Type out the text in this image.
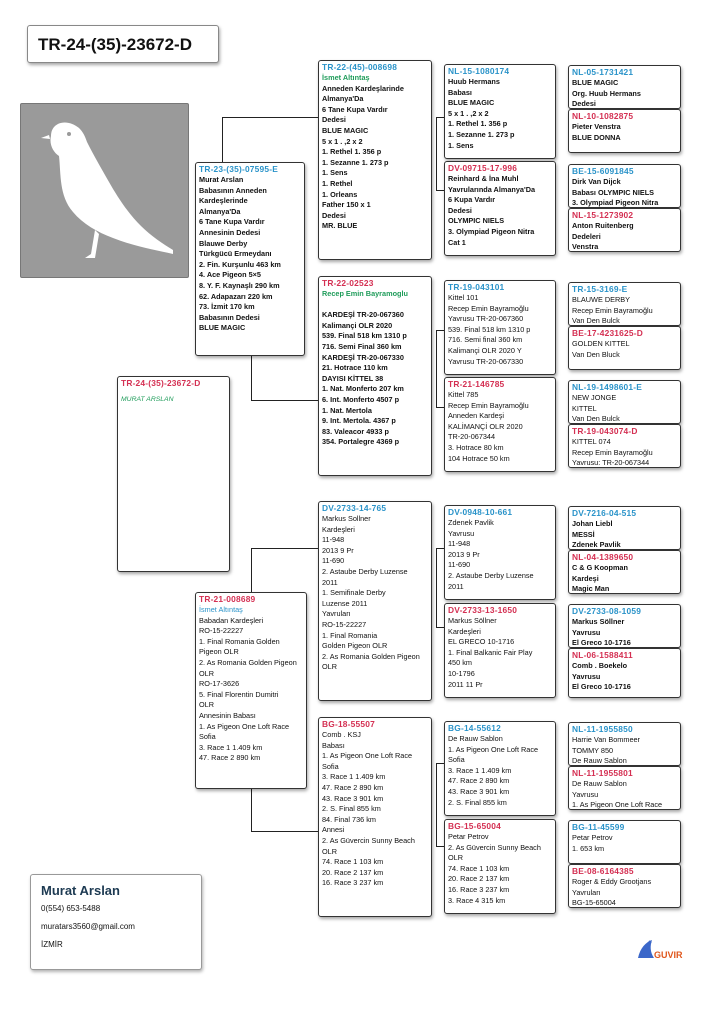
TR-24-(35)-23672-D
TR-24-(35)-23672-D
MURAT ARSLAN
TR-23-(35)-07595-E
Murat Arslan
Babasının Anneden
Kardeşlerinde
Almanya'Da
6 Tane Kupa Vardır
Annesinin Dedesi
Blauwe Derby
Türkgücü Ermeydanı
2. Fin. Kurşunlu 463 km
4. Ace Pigeon 5×5
8. Y. F. Kaynaşlı 290 km
62. Adapazarı 220 km
73. İzmit 170 km
Babasının Dedesi
BLUE MAGIC
TR-21-008689
İsmet Altıntaş
Babadan Kardeşleri
RO-15-22227
1. Final Romania Golden
Pigeon OLR
2. As Romania Golden Pigeon
OLR
RO-17-3626
5. Final Florentin Dumitri
OLR
Annesinin Babası
1. As Pigeon One Loft Race
Sofia
3. Race 1 1.409 km
47. Race 2 890 km
TR-22-(45)-008698
İsmet Altıntaş
Anneden Kardeşlarinde
Almanya'Da
6 Tane Kupa Vardır
Dedesi
BLUE MAGIC
5 x 1 . ,2 x 2
1. Rethel 1. 356 p
1. Sezanne 1. 273 p
1. Sens
1. Rethel
1. Orleans
Father 150 x 1
Dedesi
MR. BLUE
TR-22-02523
Recep Emin Bayramoglu

KARDEŞİ TR-20-067360
Kalimançi OLR 2020
539. Final 518 km 1310 p
716. Semi Final 360 km
KARDEŞİ TR-20-067330
21. Hotrace 110 km
DAYISI KİTTEL 38
1. Nat. Monferto 207 km
6. Int. Monferto 4507 p
1. Nat. Mertola
9. Int. Mertola. 4367 p
83. Valeacor 4933 p
354. Portalegre 4369 p
DV-2733-14-765
Markus Sollner
Kardeşleri
11-948
2013 9 Pr
11-690
2. Astaube Derby Luzense
2011
1. Semifinale Derby
Luzense 2011
Yavruları
RO-15-22227
1. Final Romania
Golden Pigeon OLR
2. As Romania Golden Pigeon
OLR
BG-18-55507
Comb . KSJ
Babası
1. As Pigeon One Loft Race
Sofia
3. Race 1 1.409 km
47. Race 2 890 km
43. Race 3 901 km
2. S. Final 855 km
84. Final 736 km
Annesi
2. As Güvercin Sunny Beach
OLR
74. Race 1 103 km
20. Race 2 137 km
16. Race 3 237 km
NL-15-1080174
Huub Hermans
Babası
BLUE MAGIC
5 x 1 . ,2 x 2
1. Rethel 1. 356 p
1. Sezanne 1. 273 p
1. Sens
DV-09715-17-996
Reinhard & İna Muhl
Yavrularında Almanya'Da
6 Kupa Vardır
Dedesi
OLYMPIC NIELS
3. Olympiad Pigeon Nitra
Cat 1
TR-19-043101
Kittel 101
Recep Emin Bayramoğlu
Yavrusu TR-20-067360
539. Final 518 km 1310 p
716. Semi final 360 km
Kalimançi OLR 2020 Y
Yavrusu TR-20-067330
TR-21-146785
Kittel 785
Recep Emin Bayramoğlu
Anneden Kardeşi
KALİMANÇİ OLR 2020
TR-20-067344
3. Hotrace 80 km
104 Hotrace 50 km
DV-0948-10-661
Zdenek Pavlik
Yavrusu
11-948
2013 9 Pr
11-690
2. Astaube Derby Luzense
2011
DV-2733-13-1650
Markus Söllner
Kardeşleri
EL GRECO 10-1716
1. Final Balkanic Fair Play
450 km
10-1796
2011 11 Pr
BG-14-55612
De Rauw Sablon
1. As Pigeon One Loft Race
Sofia
3. Race 1 1.409 km
47. Race 2 890 km
43. Race 3 901 km
2. S. Final 855 km
BG-15-65004
Petar Petrov
2. As Güvercin Sunny Beach
OLR
74. Race 1 103 km
20. Race 2 137 km
16. Race 3 237 km
3. Race 4 315 km
NL-05-1731421
BLUE MAGIC
Org. Huub Hermans
Dedesi
NL-10-1082875
Pieter Venstra
BLUE DONNA
BE-15-6091845
Dirk Van Dijck
Babası OLYMPIC NIELS
3. Olympiad Pigeon Nitra
NL-15-1273902
Anton Ruitenberg
Dedeleri
Venstra
TR-15-3169-E
BLAUWE DERBY
Recep Emin Bayramoğlu
Van Den Bulck
BE-17-4231625-D
GOLDEN KITTEL
Van Den Bluck
NL-19-1498601-E
NEW JONGE
KITTEL
Van Den Bulck
TR-19-043074-D
KITTEL 074
Recep Emin Bayramoğlu
Yavrusu: TR-20-067344
DV-7216-04-515
Johan Liebl
MESSİ
Zdenek Pavlik
NL-04-1389650
C & G Koopman
Kardeşi
Magic Man
DV-2733-08-1059
Markus Söllner
Yavrusu
El Greco 10-1716
NL-06-1588411
Comb . Boekelo
Yavrusu
El Greco 10-1716
NL-11-1955850
Harrie Van Bommeer
TOMMY 850
De Rauw Sablon
NL-11-1955801
De Rauw Sablon
Yavrusu
1. As Pigeon One Loft Race
BG-11-45599
Petar Petrov
1. 653 km
BE-08-6164385
Roger & Eddy Grootjans
Yavruları
BG-15-65004
Murat Arslan
0(554) 653-5488
muratars3560@gmail.com
İZMİR
GUVIR
